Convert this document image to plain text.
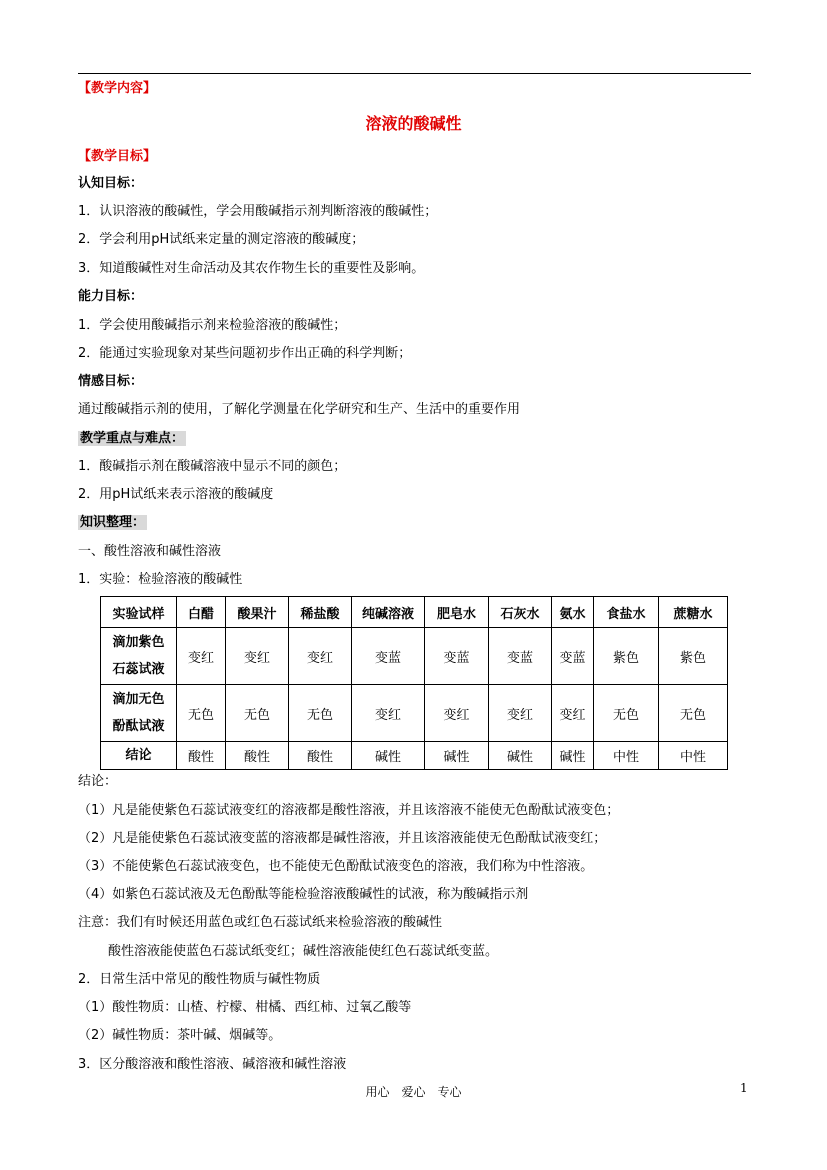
【教学内容】
溶液的酸碱性
【教学目标】
认知目标：
1．认识溶液的酸碱性，学会用酸碱指示剂判断溶液的酸碱性；
2．学会利用pH试纸来定量的测定溶液的酸碱度；
3．知道酸碱性对生命活动及其农作物生长的重要性及影响。
能力目标：
1．学会使用酸碱指示剂来检验溶液的酸碱性；
2．能通过实验现象对某些问题初步作出正确的科学判断；
情感目标：
通过酸碱指示剂的使用，了解化学测量在化学研究和生产、生活中的重要作用
教学重点与难点：
1．酸碱指示剂在酸碱溶液中显示不同的颜色；
2．用pH试纸来表示溶液的酸碱度
知识整理：
一、酸性溶液和碱性溶液
1．实验：检验溶液的酸碱性
实验试样	白醋	酸果汁	稀盐酸	纯碱溶液	肥皂水	石灰水	氨水	食盐水	蔗糖水
滴加紫色
石蕊试液	变红	变红	变红	变蓝	变蓝	变蓝	变蓝	紫色	紫色
滴加无色
酚酞试液	无色	无色	无色	变红	变红	变红	变红	无色	无色
结论	酸性	酸性	酸性	碱性	碱性	碱性	碱性	中性	中性
结论：
（1）凡是能使紫色石蕊试液变红的溶液都是酸性溶液，并且该溶液不能使无色酚酞试液变色；
（2）凡是能使紫色石蕊试液变蓝的溶液都是碱性溶液，并且该溶液能使无色酚酞试液变红；
（3）不能使紫色石蕊试液变色，也不能使无色酚酞试液变色的溶液，我们称为中性溶液。
（4）如紫色石蕊试液及无色酚酞等能检验溶液酸碱性的试液，称为酸碱指示剂
注意：我们有时候还用蓝色或红色石蕊试纸来检验溶液的酸碱性
酸性溶液能使蓝色石蕊试纸变红；碱性溶液能使红色石蕊试纸变蓝。
2．日常生活中常见的酸性物质与碱性物质
（1）酸性物质：山楂、柠檬、柑橘、西红柿、过氧乙酸等
（2）碱性物质：茶叶碱、烟碱等。
3．区分酸溶液和酸性溶液、碱溶液和碱性溶液
用心　爱心　专心	1
